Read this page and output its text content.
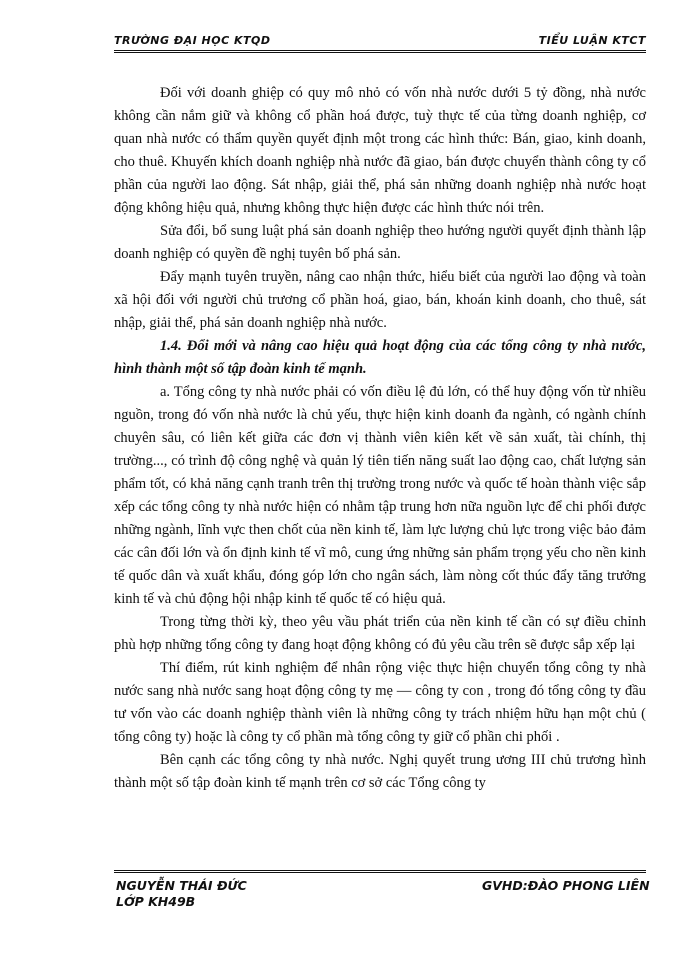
TRƯỜNG ĐẠI HỌC KTQD	TIỂU LUẬN KTCT

Đối với doanh ghiệp có quy mô nhỏ có vốn nhà nước dưới 5 tỷ đồng, nhà nước không cần nắm giữ và không cổ phần hoá được, tuỳ thực tế của từng doanh nghiệp, cơ quan nhà nước có thẩm quyền quyết định một trong các hình thức: Bán, giao, kinh doanh, cho thuê. Khuyến khích doanh nghiệp nhà nước đã giao, bán được chuyển thành công ty cổ phần của người lao động. Sát nhập, giải thể, phá sản những doanh nghiệp nhà nước hoạt động không hiệu quả, nhưng không thực hiện được các hình thức nói trên.

Sửa đổi, bổ sung luật phá sản doanh nghiệp theo hướng người quyết định thành lập doanh nghiệp có quyền đề nghị tuyên bố phá sản.

Đẩy mạnh tuyên truyền, nâng cao nhận thức, hiểu biết của người lao động và toàn xã hội đối với người chủ trương cổ phần hoá, giao, bán, khoán kinh doanh, cho thuê, sát nhập, giải thể, phá sản doanh nghiệp nhà nước.

1.4. Đổi mới và nâng cao hiệu quả hoạt động của các tổng công ty nhà nước, hình thành một số tập đoàn kinh tế mạnh.

a. Tổng công ty nhà nước phải có vốn điều lệ đủ lớn, có thể huy động vốn từ nhiều nguồn, trong đó vốn nhà nước là chủ yếu, thực hiện kinh doanh đa ngành, có ngành chính chuyên sâu, có liên kết giữa các đơn vị thành viên kiên kết về sản xuất, tài chính, thị trường..., có trình độ công nghệ và quản lý tiên tiến năng suất lao động cao, chất lượng sản phẩm tốt, có khả năng cạnh tranh trên thị trường trong nước và quốc tế hoàn thành việc sắp xếp các tổng công ty nhà nước hiện có nhằm tập trung hơn nữa nguồn lực để chi phối được những ngành, lĩnh vực then chốt của nền kinh tế, làm lực lượng chủ lực trong việc bảo đảm các cân đối lớn và ổn định kinh tế vĩ mô, cung ứng những sản phẩm trọng yếu cho nền kinh tế quốc dân và xuất khẩu, đóng góp lớn cho ngân sách, làm nòng cốt thúc đẩy tăng trưởng kinh tế và chủ động hội nhập kinh tế quốc tế có hiệu quả.

Trong từng thời kỳ, theo yêu vầu phát triển của nền kinh tế cần có sự điều chỉnh phù hợp những tổng công ty đang hoạt động không có đủ yêu cầu trên sẽ được sắp xếp lại

Thí điểm, rút kinh nghiệm để nhân rộng việc thực hiện chuyển tổng công ty nhà nước sang nhà nước sang hoạt động công ty mẹ — công ty con , trong đó tổng công ty đầu tư vốn vào các doanh nghiệp thành viên là những công ty trách nhiệm hữu hạn một chủ ( tổng công ty) hoặc là công ty cổ phần mà tổng công ty giữ cổ phần chi phối .

Bên cạnh các tổng công ty nhà nước. Nghị quyết trung ương III chủ trương hình thành một số tập đoàn kinh tế mạnh trên cơ sở các Tổng công ty

NGUYỄN THÁI ĐỨC
LỚP KH49B
GVHD:ĐÀO PHONG LIÊN
